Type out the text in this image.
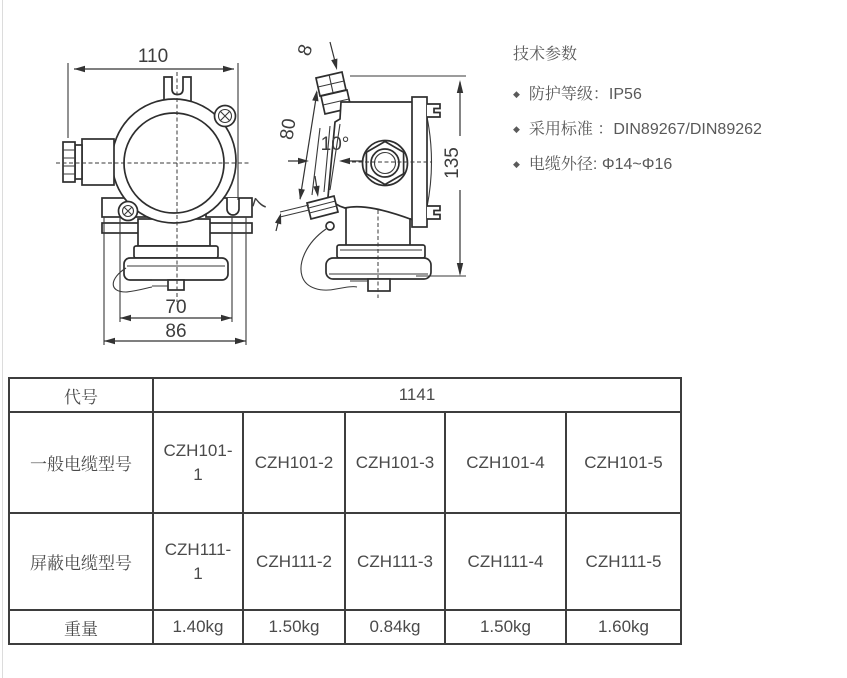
110
70
86
8
80
10°
7
135
技术参数
◆ 防护等级：IP56
◆ 采用标准 ：DIN89267/DIN89262
◆ 电缆外径: Φ14~Φ16
代号	1141				
一般电缆型号	CZH101-1	CZH101-2	CZH101-3	CZH101-4	CZH101-5
屏蔽电缆型号	CZH111-1	CZH111-2	CZH111-3	CZH111-4	CZH111-5
重量	1.40kg	1.50kg	0.84kg	1.50kg	1.60kg
